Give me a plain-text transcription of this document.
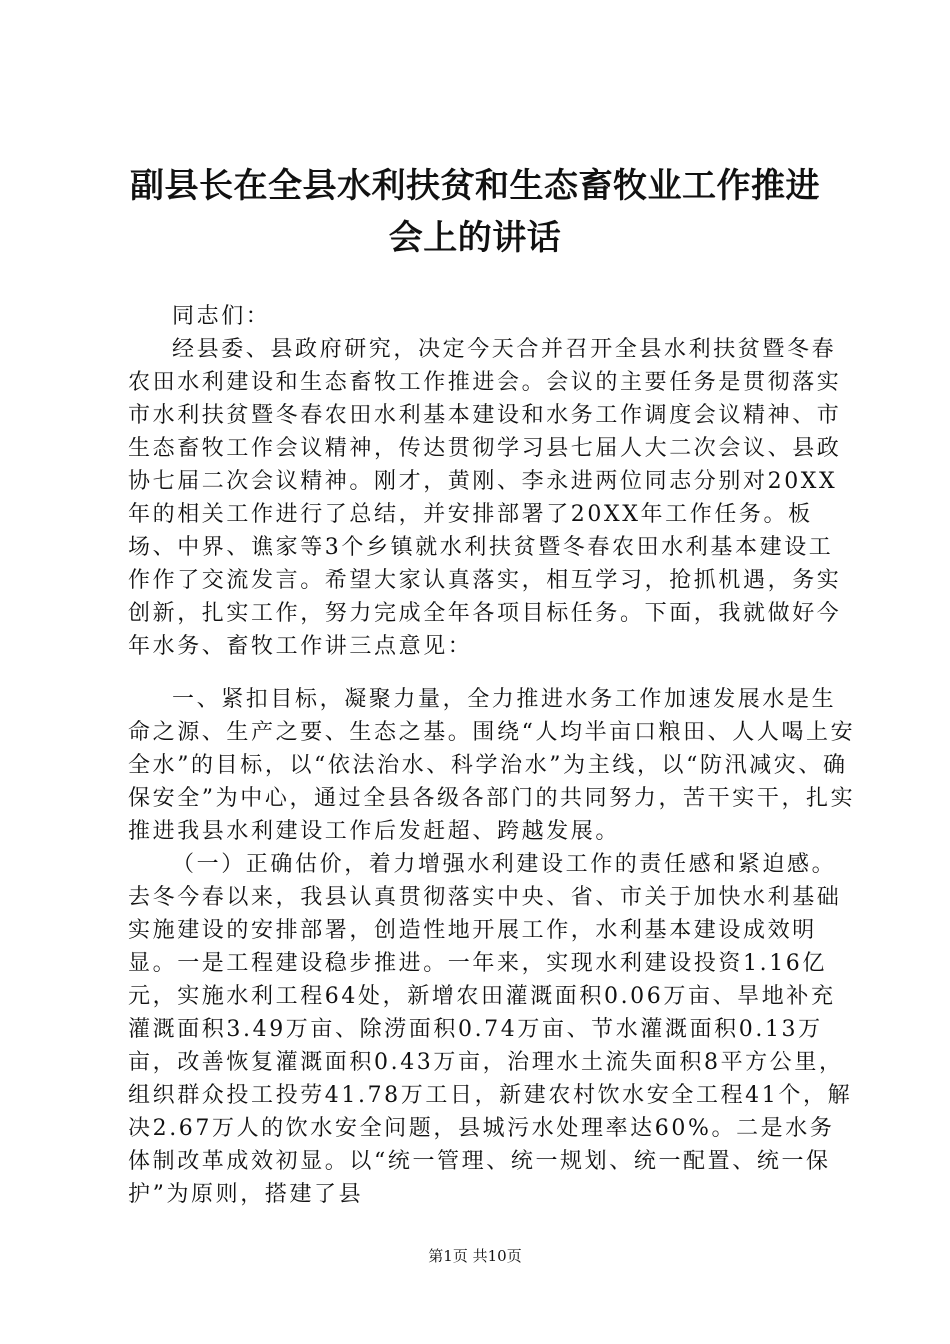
副县长在全县水利扶贫和生态畜牧业工作推进
会上的讲话

同志们：

经县委、县政府研究，决定今天合并召开全县水利扶贫暨冬春农田水利建设和生态畜牧工作推进会。会议的主要任务是贯彻落实市水利扶贫暨冬春农田水利基本建设和水务工作调度会议精神、市生态畜牧工作会议精神，传达贯彻学习县七届人大二次会议、县政协七届二次会议精神。刚才，黄刚、李永进两位同志分别对20XX年的相关工作进行了总结，并安排部署了20XX年工作任务。板场、中界、谯家等3个乡镇就水利扶贫暨冬春农田水利基本建设工作作了交流发言。希望大家认真落实，相互学习，抢抓机遇，务实创新，扎实工作，努力完成全年各项目标任务。下面，我就做好今年水务、畜牧工作讲三点意见：

一、紧扣目标，凝聚力量，全力推进水务工作加速发展水是生命之源、生产之要、生态之基。围绕“人均半亩口粮田、人人喝上安全水”的目标，以“依法治水、科学治水”为主线，以“防汛减灾、确保安全”为中心，通过全县各级各部门的共同努力，苦干实干，扎实推进我县水利建设工作后发赶超、跨越发展。

（一）正确估价，着力增强水利建设工作的责任感和紧迫感。去冬今春以来，我县认真贯彻落实中央、省、市关于加快水利基础实施建设的安排部署，创造性地开展工作，水利基本建设成效明显。一是工程建设稳步推进。一年来，实现水利建设投资1.16亿元，实施水利工程64处，新增农田灌溉面积0.06万亩、旱地补充灌溉面积3.49万亩、除涝面积0.74万亩、节水灌溉面积0.13万亩，改善恢复灌溉面积0.43万亩，治理水土流失面积8平方公里，组织群众投工投劳41.78万工日，新建农村饮水安全工程41个，解决2.67万人的饮水安全问题，县城污水处理率达60%。二是水务体制改革成效初显。以“统一管理、统一规划、统一配置、统一保护”为原则，搭建了县

第1页 共10页
